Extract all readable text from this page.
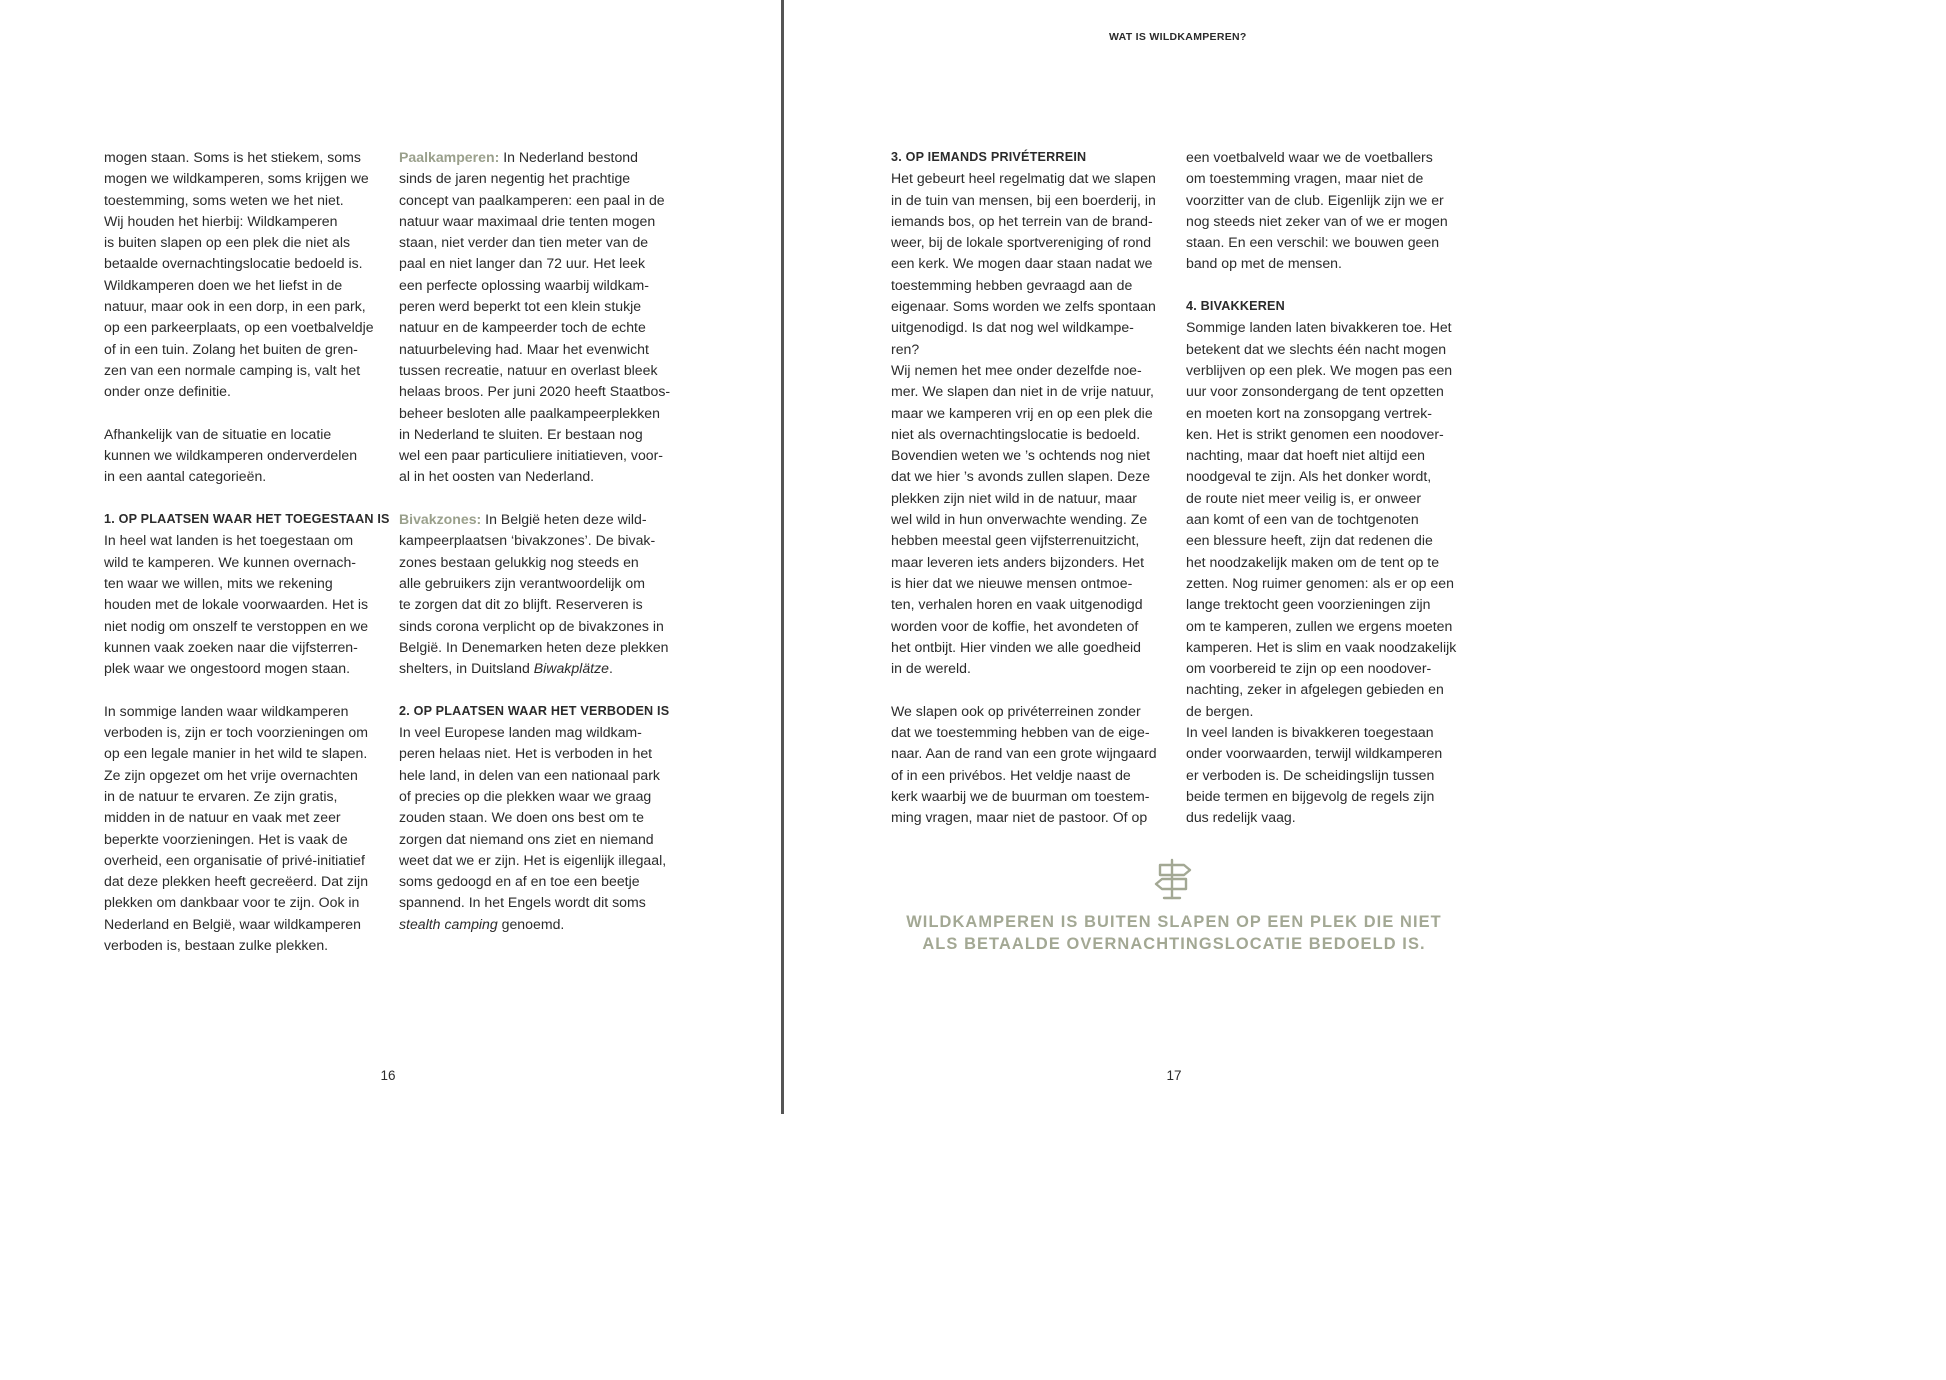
mogen staan. Soms is het stiekem, soms
mogen we wildkamperen, soms krijgen we
toestemming, soms weten we het niet.
Wij houden het hierbij: Wildkamperen
is buiten slapen op een plek die niet als
betaalde overnachtingslocatie bedoeld is.
Wildkamperen doen we het liefst in de
natuur, maar ook in een dorp, in een park,
op een parkeerplaats, op een voetbalveldje
of in een tuin. Zolang het buiten de gren-
zen van een normale camping is, valt het
onder onze definitie.
Afhankelijk van de situatie en locatie
kunnen we wildkamperen onderverdelen
in een aantal categorieën.
1. OP PLAATSEN WAAR HET TOEGESTAAN IS
In heel wat landen is het toegestaan om
wild te kamperen. We kunnen overnach-
ten waar we willen, mits we rekening
houden met de lokale voorwaarden. Het is
niet nodig om onszelf te verstoppen en we
kunnen vaak zoeken naar die vijfsterren-
plek waar we ongestoord mogen staan.
In sommige landen waar wildkamperen
verboden is, zijn er toch voorzieningen om
op een legale manier in het wild te slapen.
Ze zijn opgezet om het vrije overnachten
in de natuur te ervaren. Ze zijn gratis,
midden in de natuur en vaak met zeer
beperkte voorzieningen. Het is vaak de
overheid, een organisatie of privé-initiatief
dat deze plekken heeft gecreëerd. Dat zijn
plekken om dankbaar voor te zijn. Ook in
Nederland en België, waar wildkamperen
verboden is, bestaan zulke plekken.
Paalkamperen: In Nederland bestond
sinds de jaren negentig het prachtige
concept van paalkamperen: een paal in de
natuur waar maximaal drie tenten mogen
staan, niet verder dan tien meter van de
paal en niet langer dan 72 uur. Het leek
een perfecte oplossing waarbij wildkam-
peren werd beperkt tot een klein stukje
natuur en de kampeerder toch de echte
natuurbeleving had. Maar het evenwicht
tussen recreatie, natuur en overlast bleek
helaas broos. Per juni 2020 heeft Staatbos-
beheer besloten alle paalkampeerplekken
in Nederland te sluiten. Er bestaan nog
wel een paar particuliere initiatieven, voor-
al in het oosten van Nederland.
Bivakzones: In België heten deze wild-
kampeerplaatsen ‘bivakzones’. De bivak-
zones bestaan gelukkig nog steeds en
alle gebruikers zijn verantwoordelijk om
te zorgen dat dit zo blijft. Reserveren is
sinds corona verplicht op de bivakzones in
België. In Denemarken heten deze plekken
shelters, in Duitsland Biwakplätze.
2. OP PLAATSEN WAAR HET VERBODEN IS
In veel Europese landen mag wildkam-
peren helaas niet. Het is verboden in het
hele land, in delen van een nationaal park
of precies op die plekken waar we graag
zouden staan. We doen ons best om te
zorgen dat niemand ons ziet en niemand
weet dat we er zijn. Het is eigenlijk illegaal,
soms gedoogd en af en toe een beetje
spannend. In het Engels wordt dit soms
stealth camping genoemd.
16
WAT IS WILDKAMPEREN?
3. OP IEMANDS PRIVÉTERREIN
Het gebeurt heel regelmatig dat we slapen
in de tuin van mensen, bij een boerderij, in
iemands bos, op het terrein van de brand-
weer, bij de lokale sportvereniging of rond
een kerk. We mogen daar staan nadat we
toestemming hebben gevraagd aan de
eigenaar. Soms worden we zelfs spontaan
uitgenodigd. Is dat nog wel wildkampe-
ren?
Wij nemen het mee onder dezelfde noe-
mer. We slapen dan niet in de vrije natuur,
maar we kamperen vrij en op een plek die
niet als overnachtingslocatie is bedoeld.
Bovendien weten we ’s ochtends nog niet
dat we hier ’s avonds zullen slapen. Deze
plekken zijn niet wild in de natuur, maar
wel wild in hun onverwachte wending. Ze
hebben meestal geen vijfsterrenuitzicht,
maar leveren iets anders bijzonders. Het
is hier dat we nieuwe mensen ontmoe-
ten, verhalen horen en vaak uitgenodigd
worden voor de koffie, het avondeten of
het ontbijt. Hier vinden we alle goedheid
in de wereld.
We slapen ook op privéterreinen zonder
dat we toestemming hebben van de eige-
naar. Aan de rand van een grote wijngaard
of in een privébos. Het veldje naast de
kerk waarbij we de buurman om toestem-
ming vragen, maar niet de pastoor. Of op
een voetbalveld waar we de voetballers
om toestemming vragen, maar niet de
voorzitter van de club. Eigenlijk zijn we er
nog steeds niet zeker van of we er mogen
staan. En een verschil: we bouwen geen
band op met de mensen.
4. BIVAKKEREN
Sommige landen laten bivakkeren toe. Het
betekent dat we slechts één nacht mogen
verblijven op een plek. We mogen pas een
uur voor zonsondergang de tent opzetten
en moeten kort na zonsopgang vertrek-
ken. Het is strikt genomen een noodover-
nachting, maar dat hoeft niet altijd een
noodgeval te zijn. Als het donker wordt,
de route niet meer veilig is, er onweer
aan komt of een van de tochtgenoten
een blessure heeft, zijn dat redenen die
het noodzakelijk maken om de tent op te
zetten. Nog ruimer genomen: als er op een
lange trektocht geen voorzieningen zijn
om te kamperen, zullen we ergens moeten
kamperen. Het is slim en vaak noodzakelijk
om voorbereid te zijn op een noodover-
nachting, zeker in afgelegen gebieden en
de bergen.
In veel landen is bivakkeren toegestaan
onder voorwaarden, terwijl wildkamperen
er verboden is. De scheidingslijn tussen
beide termen en bijgevolg de regels zijn
dus redelijk vaag.
WILDKAMPEREN IS BUITEN SLAPEN OP EEN PLEK DIE NIET
ALS BETAALDE OVERNACHTINGSLOCATIE BEDOELD IS.
17
